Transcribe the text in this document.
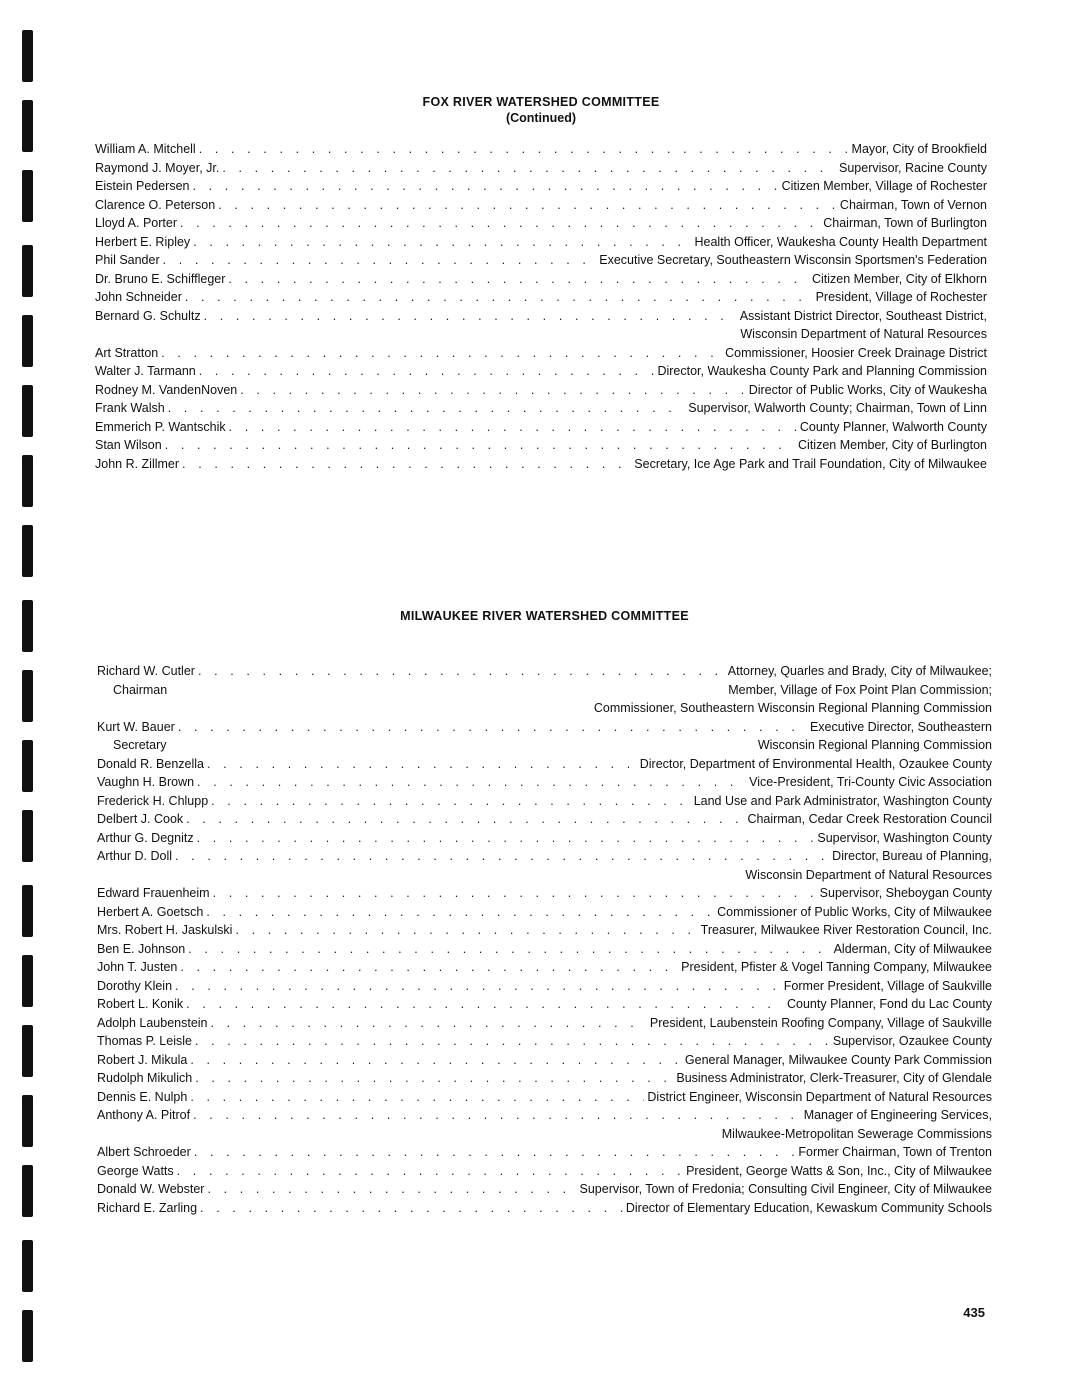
FOX RIVER WATERSHED COMMITTEE
(Continued)
William A. Mitchell . . .	Mayor, City of Brookfield
Raymond J. Moyer, Jr. . . .	Supervisor, Racine County
Eistein Pedersen . . .	Citizen Member, Village of Rochester
Clarence O. Peterson . . .	Chairman, Town of Vernon
Lloyd A. Porter . . .	Chairman, Town of Burlington
Herbert E. Ripley . . .	Health Officer, Waukesha County Health Department
Phil Sander . . .	Executive Secretary, Southeastern Wisconsin Sportsmen's Federation
Dr. Bruno E. Schiffleger . . .	Citizen Member, City of Elkhorn
John Schneider . . .	President, Village of Rochester
Bernard G. Schultz . . .	Assistant District Director, Southeast District,
Wisconsin Department of Natural Resources
Art Stratton . . .	Commissioner, Hoosier Creek Drainage District
Walter J. Tarmann . . .	Director, Waukesha County Park and Planning Commission
Rodney M. VandenNoven . . .	Director of Public Works, City of Waukesha
Frank Walsh . . .	Supervisor, Walworth County; Chairman, Town of Linn
Emmerich P. Wantschik . . .	County Planner, Walworth County
Stan Wilson . . .	Citizen Member, City of Burlington
John R. Zillmer . . .	Secretary, Ice Age Park and Trail Foundation, City of Milwaukee
MILWAUKEE RIVER WATERSHED COMMITTEE
Richard W. Cutler . . .	Attorney, Quarles and Brady, City of Milwaukee;
Chairman	Member, Village of Fox Point Plan Commission;
Commissioner, Southeastern Wisconsin Regional Planning Commission
Kurt W. Bauer . . .	Executive Director, Southeastern
Secretary	Wisconsin Regional Planning Commission
Donald R. Benzella . . .	Director, Department of Environmental Health, Ozaukee County
Vaughn H. Brown . . .	Vice-President, Tri-County Civic Association
Frederick H. Chlupp . . .	Land Use and Park Administrator, Washington County
Delbert J. Cook . . .	Chairman, Cedar Creek Restoration Council
Arthur G. Degnitz . . .	Supervisor, Washington County
Arthur D. Doll . . .	Director, Bureau of Planning,
Wisconsin Department of Natural Resources
Edward Frauenheim . . .	Supervisor, Sheboygan County
Herbert A. Goetsch . . .	Commissioner of Public Works, City of Milwaukee
Mrs. Robert H. Jaskulski . . .	Treasurer, Milwaukee River Restoration Council, Inc.
Ben E. Johnson . . .	Alderman, City of Milwaukee
John T. Justen . . .	President, Pfister & Vogel Tanning Company, Milwaukee
Dorothy Klein . . .	Former President, Village of Saukville
Robert L. Konik . . .	County Planner, Fond du Lac County
Adolph Laubenstein . . .	President, Laubenstein Roofing Company, Village of Saukville
Thomas P. Leisle . . .	Supervisor, Ozaukee County
Robert J. Mikula . . .	General Manager, Milwaukee County Park Commission
Rudolph Mikulich . . .	Business Administrator, Clerk-Treasurer, City of Glendale
Dennis E. Nulph . . .	District Engineer, Wisconsin Department of Natural Resources
Anthony A. Pitrof . . .	Manager of Engineering Services,
Milwaukee-Metropolitan Sewerage Commissions
Albert Schroeder . . .	Former Chairman, Town of Trenton
George Watts . . .	President, George Watts & Son, Inc., City of Milwaukee
Donald W. Webster . . .	Supervisor, Town of Fredonia; Consulting Civil Engineer, City of Milwaukee
Richard E. Zarling . . .	Director of Elementary Education, Kewaskum Community Schools
435
